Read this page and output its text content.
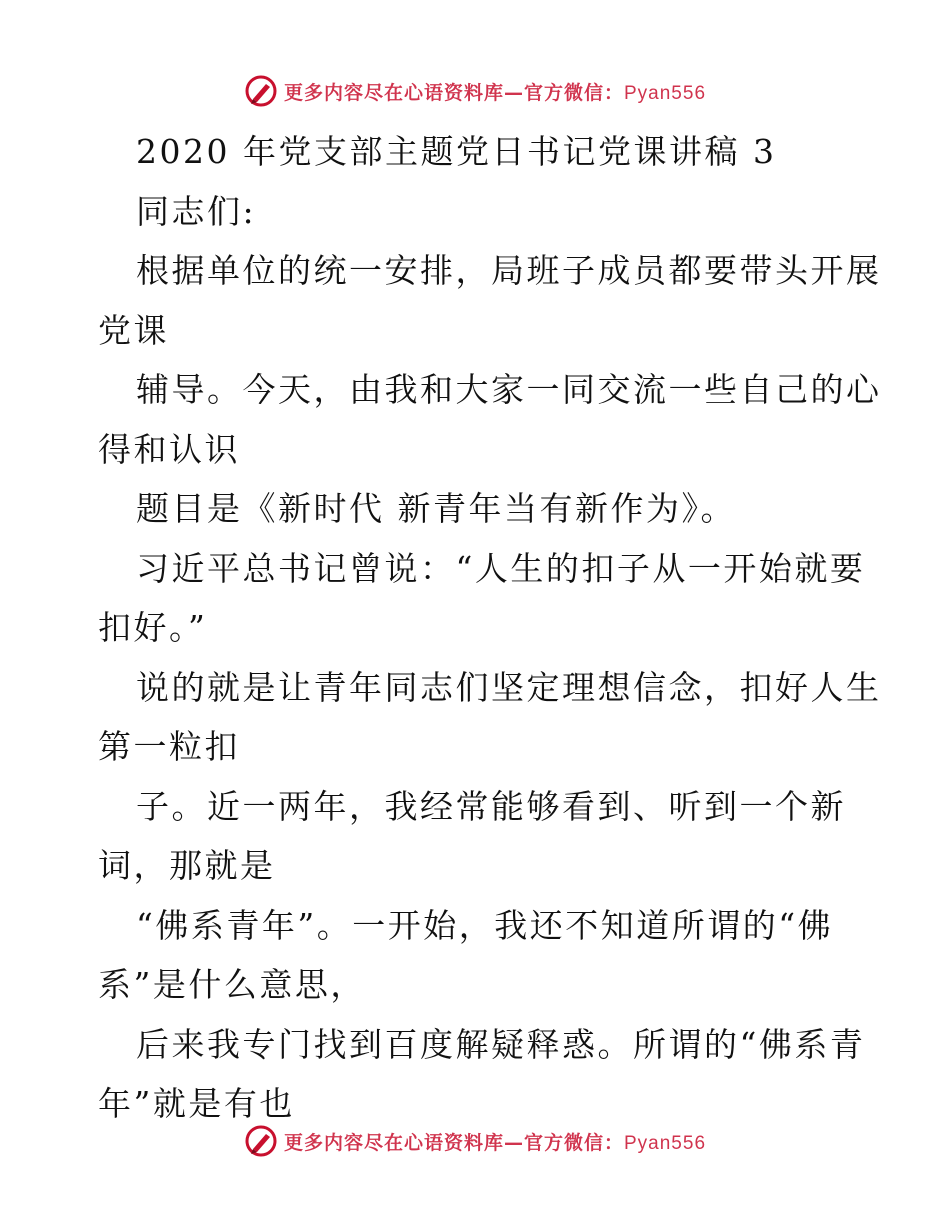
更多内容尽在心语资料库—官方微信：Pyan556
2020 年党支部主题党日书记党课讲稿 3
同志们:
根据单位的统一安排，局班子成员都要带头开展
党课
辅导。今天，由我和大家一同交流一些自己的心
得和认识
题目是《新时代 新青年当有新作为》。
习近平总书记曾说：“人生的扣子从一开始就要
扣好。”
说的就是让青年同志们坚定理想信念，扣好人生
第一粒扣
子。近一两年，我经常能够看到、听到一个新
词，那就是
“佛系青年”。一开始，我还不知道所谓的“佛
系”是什么意思，
后来我专门找到百度解疑释惑。所谓的“佛系青
年”就是有也
更多内容尽在心语资料库—官方微信：Pyan556
